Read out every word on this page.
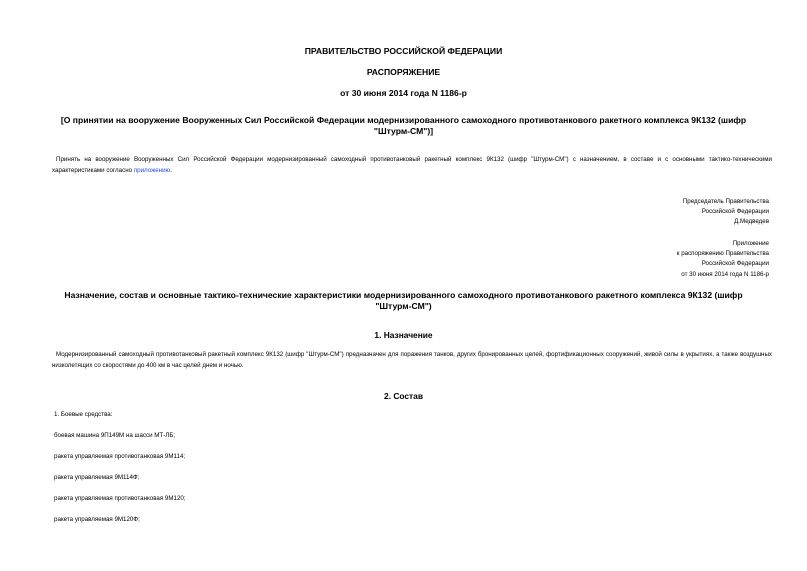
ПРАВИТЕЛЬСТВО РОССИЙСКОЙ ФЕДЕРАЦИИ
РАСПОРЯЖЕНИЕ
от 30 июня 2014 года N 1186-р
[О принятии на вооружение Вооруженных Сил Российской Федерации модернизированного самоходного противотанкового ракетного комплекса 9К132 (шифр "Штурм-СМ")]
Принять на вооружение Вооруженных Сил Российской Федерации модернизированный самоходный противотанковый ракетный комплекс 9К132 (шифр "Штурм-СМ") с назначением, в составе и с основными тактико-техническими характеристиками согласно приложению.
Председатель Правительства
Российской Федерации
Д.Медведев
Приложение
к распоряжению Правительства
Российской Федерации
от 30 июня 2014 года N 1186-р
Назначение, состав и основные тактико-технические характеристики модернизированного самоходного противотанкового ракетного комплекса 9К132 (шифр "Штурм-СМ")
1. Назначение
Модернизированный самоходный противотанковый ракетный комплекс 9К132 (шифр "Штурм-СМ") предназначен для поражения танков, других бронированных целей, фортификационных сооружений, живой силы в укрытиях, а также воздушных низколетящих со скоростями до 400 км в час целей днем и ночью.
2. Состав
1. Боевые средства:
боевая машина 9П149М на шасси МТ-ЛБ;
ракета управляемая противотанковая 9М114;
ракета управляемая 9М114Ф;
ракета управляемая противотанковая 9М120;
ракета управляемая 9М120Ф;
